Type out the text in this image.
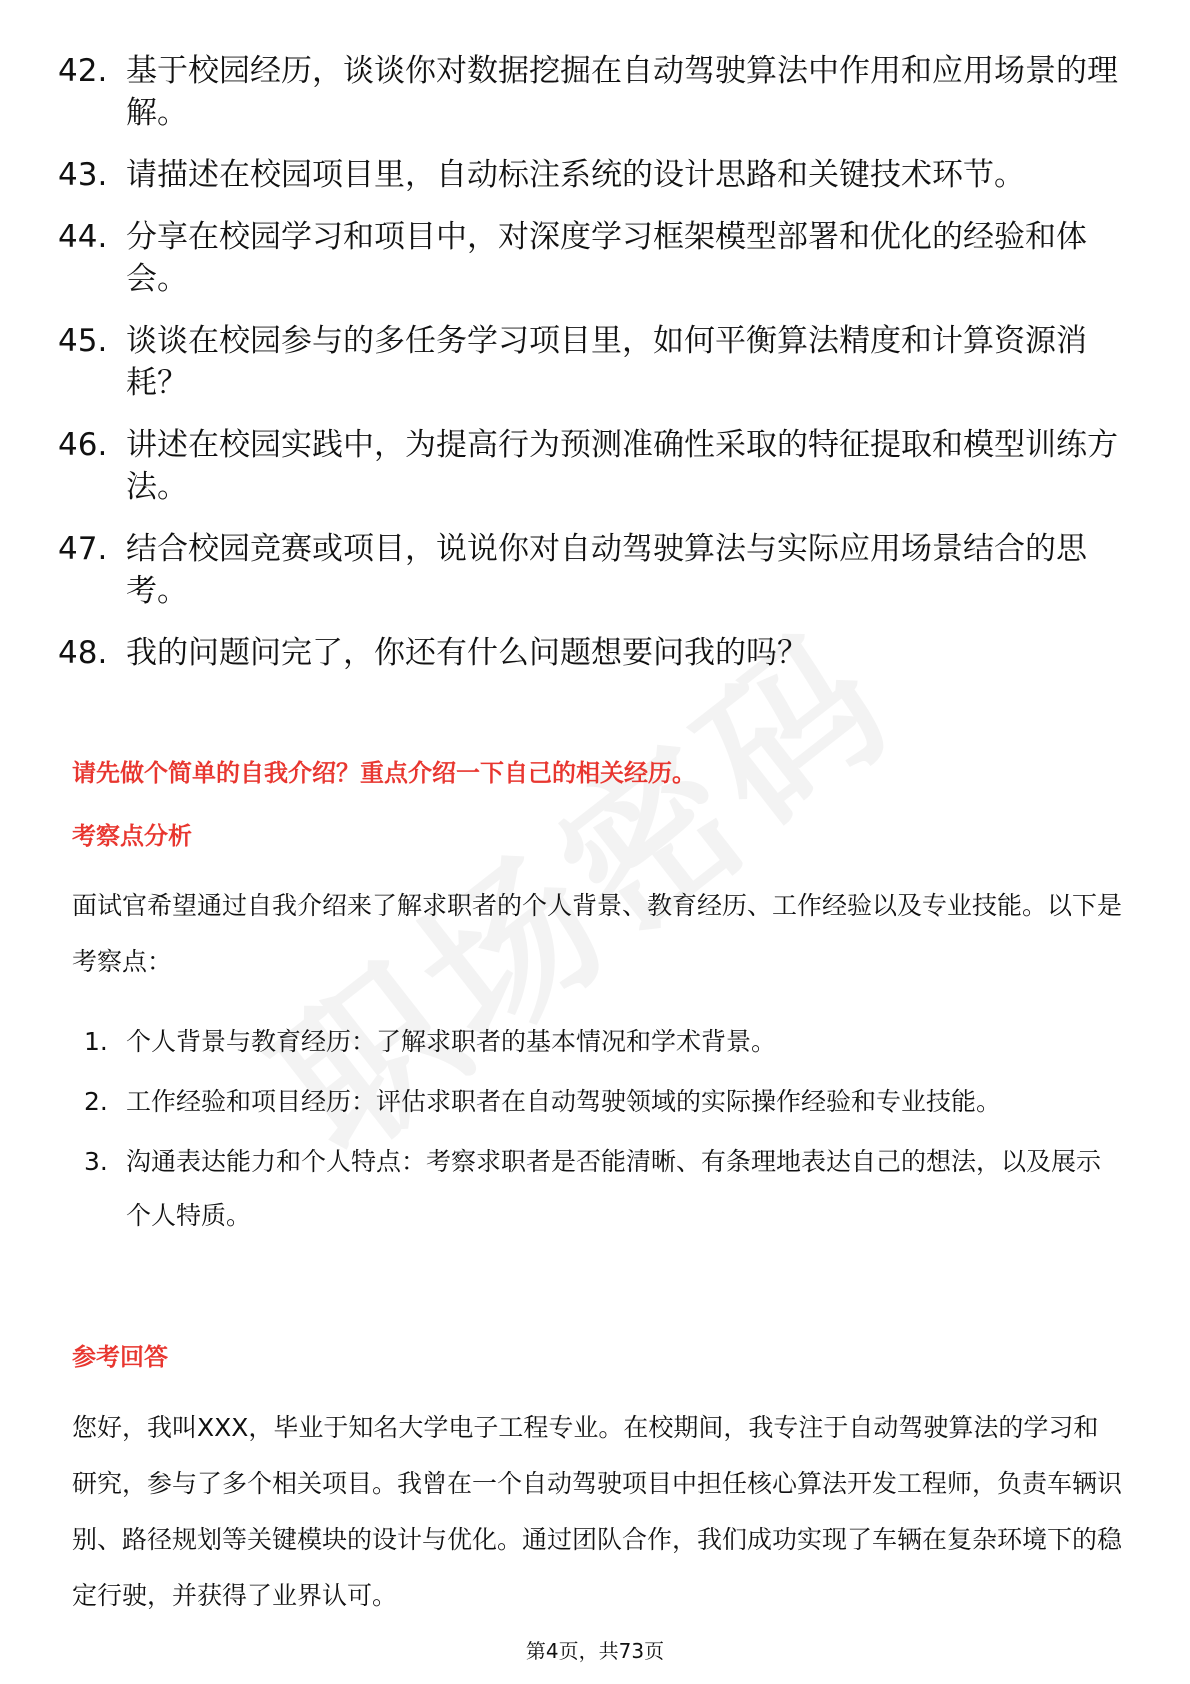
42. 基于校园经历，谈谈你对数据挖掘在自动驾驶算法中作用和应用场景的理解。
43. 请描述在校园项目里，自动标注系统的设计思路和关键技术环节。
44. 分享在校园学习和项目中，对深度学习框架模型部署和优化的经验和体会。
45. 谈谈在校园参与的多任务学习项目里，如何平衡算法精度和计算资源消耗？
46. 讲述在校园实践中，为提高行为预测准确性采取的特征提取和模型训练方法。
47. 结合校园竞赛或项目，说说你对自动驾驶算法与实际应用场景结合的思考。
48. 我的问题问完了，你还有什么问题想要问我的吗？
请先做个简单的自我介绍？重点介绍一下自己的相关经历。
考察点分析
面试官希望通过自我介绍来了解求职者的个人背景、教育经历、工作经验以及专业技能。以下是考察点：
1. 个人背景与教育经历：了解求职者的基本情况和学术背景。
2. 工作经验和项目经历：评估求职者在自动驾驶领域的实际操作经验和专业技能。
3. 沟通表达能力和个人特点：考察求职者是否能清晰、有条理地表达自己的想法，以及展示个人特质。
参考回答
您好，我叫XXX，毕业于知名大学电子工程专业。在校期间，我专注于自动驾驶算法的学习和研究，参与了多个相关项目。我曾在一个自动驾驶项目中担任核心算法开发工程师，负责车辆识别、路径规划等关键模块的设计与优化。通过团队合作，我们成功实现了车辆在复杂环境下的稳定行驶，并获得了业界认可。
第4页，共73页
